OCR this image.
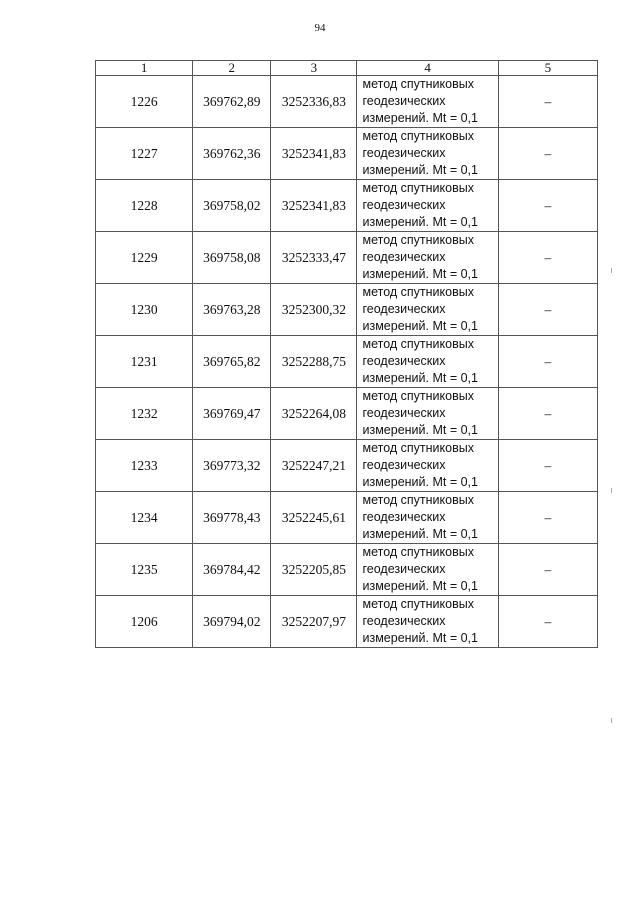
94
1	2	3	4	5
1226	369762,89	3252336,83	метод спутниковых
геодезических
измерений. Mt = 0,1	–
1227	369762,36	3252341,83	метод спутниковых
геодезических
измерений. Mt = 0,1	–
1228	369758,02	3252341,83	метод спутниковых
геодезических
измерений. Mt = 0,1	–
1229	369758,08	3252333,47	метод спутниковых
геодезических
измерений. Mt = 0,1	–
1230	369763,28	3252300,32	метод спутниковых
геодезических
измерений. Mt = 0,1	–
1231	369765,82	3252288,75	метод спутниковых
геодезических
измерений. Mt = 0,1	–
1232	369769,47	3252264,08	метод спутниковых
геодезических
измерений. Mt = 0,1	–
1233	369773,32	3252247,21	метод спутниковых
геодезических
измерений. Mt = 0,1	–
1234	369778,43	3252245,61	метод спутниковых
геодезических
измерений. Mt = 0,1	–
1235	369784,42	3252205,85	метод спутниковых
геодезических
измерений. Mt = 0,1	–
1206	369794,02	3252207,97	метод спутниковых
геодезических
измерений. Mt = 0,1	–
